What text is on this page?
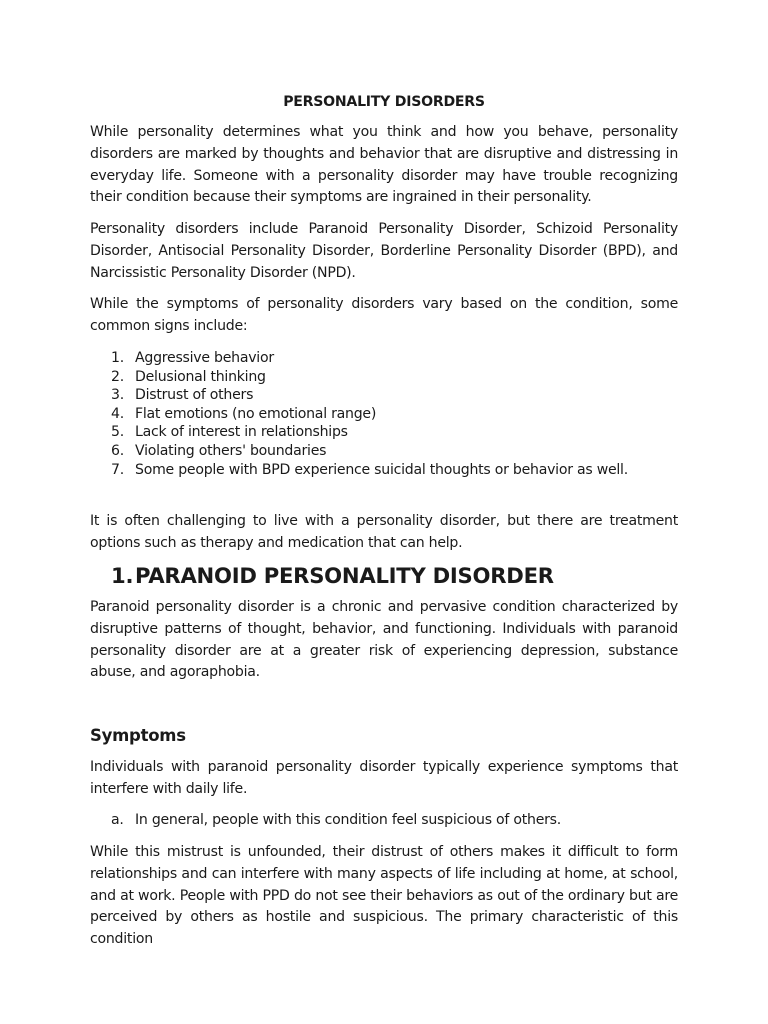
PERSONALITY DISORDERS

While personality determines what you think and how you behave, personality disorders are marked by thoughts and behavior that are disruptive and distressing in everyday life. Someone with a personality disorder may have trouble recognizing their condition because their symptoms are ingrained in their personality.

Personality disorders include Paranoid Personality Disorder, Schizoid Personality Disorder, Antisocial Personality Disorder, Borderline Personality Disorder (BPD), and Narcissistic Personality Disorder (NPD).

While the symptoms of personality disorders vary based on the condition, some common signs include:

1. Aggressive behavior
2. Delusional thinking
3. Distrust of others
4. Flat emotions (no emotional range)
5. Lack of interest in relationships
6. Violating others' boundaries
7. Some people with BPD experience suicidal thoughts or behavior as well.

It is often challenging to live with a personality disorder, but there are treatment options such as therapy and medication that can help.

1. PARANOID PERSONALITY DISORDER

Paranoid personality disorder is a chronic and pervasive condition characterized by disruptive patterns of thought, behavior, and functioning. Individuals with paranoid personality disorder are at a greater risk of experiencing depression, substance abuse, and agoraphobia.

Symptoms

Individuals with paranoid personality disorder typically experience symptoms that interfere with daily life.

a. In general, people with this condition feel suspicious of others.

While this mistrust is unfounded, their distrust of others makes it difficult to form relationships and can interfere with many aspects of life including at home, at school, and at work. People with PPD do not see their behaviors as out of the ordinary but are perceived by others as hostile and suspicious. The primary characteristic of this condition
